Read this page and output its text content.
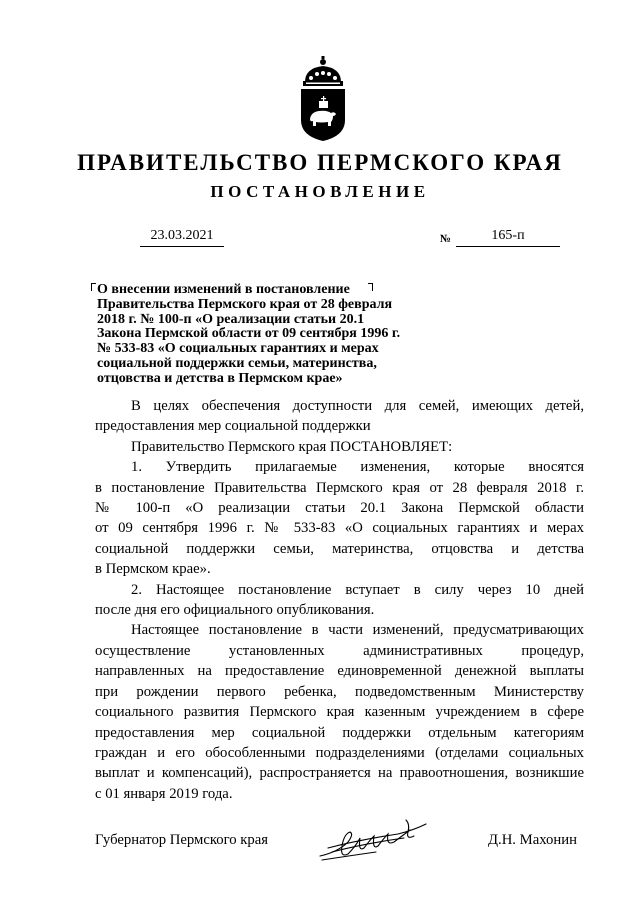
ПРАВИТЕЛЬСТВО ПЕРМСКОГО КРАЯ
ПОСТАНОВЛЕНИЕ
23.03.2021	№	165-п
О внесении изменений в постановление
Правительства Пермского края от 28 февраля
2018 г. № 100-п «О реализации статьи 20.1
Закона Пермской области от 09 сентября 1996 г.
№ 533-83 «О социальных гарантиях и мерах
социальной поддержки семьи, материнства,
отцовства и детства в Пермском крае»

В целях обеспечения доступности для семей, имеющих детей,

предоставления мер социальной поддержки

Правительство Пермского края ПОСТАНОВЛЯЕТ:

1. Утвердить прилагаемые изменения, которые вносятся

в постановление Правительства Пермского края от 28 февраля 2018 г.

№ 100-п «О реализации статьи 20.1 Закона Пермской области

от 09 сентября 1996 г. № 533-83 «О социальных гарантиях и мерах

социальной поддержки семьи, материнства, отцовства и детства

в Пермском крае».

2. Настоящее постановление вступает в силу через 10 дней

после дня его официального опубликования.

Настоящее постановление в части изменений, предусматривающих

осуществление установленных административных процедур,

направленных на предоставление единовременной денежной выплаты

при рождении первого ребенка, подведомственным Министерству

социального развития Пермского края казенным учреждением в сфере

предоставления мер социальной поддержки отдельным категориям

граждан и его обособленными подразделениями (отделами социальных

выплат и компенсаций), распространяется на правоотношения, возникшие

с 01 января 2019 года.

Губернатор Пермского края	Д.Н. Махонин
